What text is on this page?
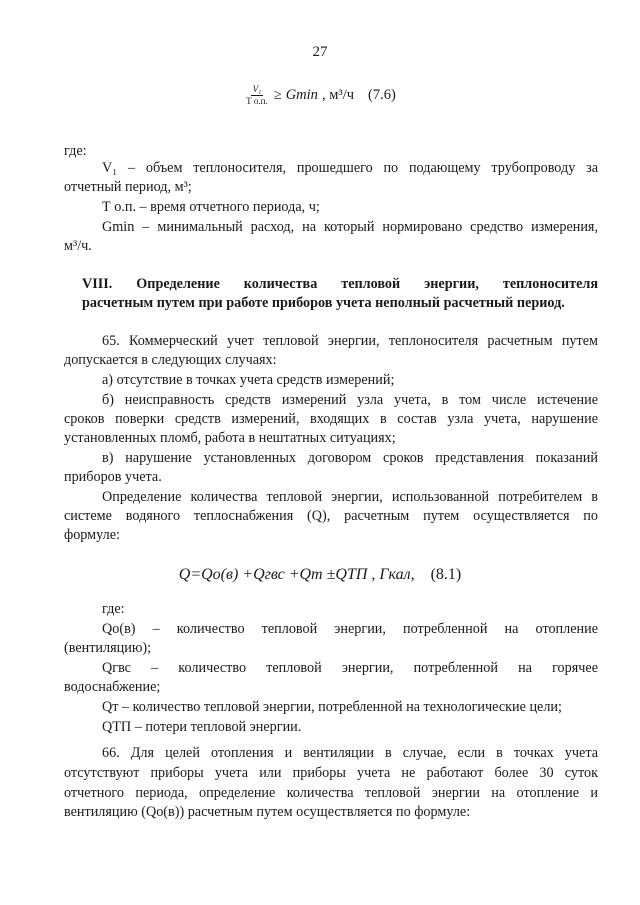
27
$\frac{\text{V₁}}{\text{Т о.п.}} \ge Gmin$ , м³/ч (7.6)
где:
V₁ – объем теплоносителя, прошедшего по подающему трубопроводу за
отчетный период, м³;
Т о.п. – время отчетного периода, ч;
Gmin – минимальный расход, на который нормировано средство измерения,
м³/ч.
VIII. Определение количества тепловой энергии, теплоносителя
расчетным путем при работе приборов учета неполный расчетный период.
65. Коммерческий учет тепловой энергии, теплоносителя расчетным путем
допускается в следующих случаях:
а) отсутствие в точках учета средств измерений;
б) неисправность средств измерений узла учета, в том числе истечение
сроков поверки средств измерений, входящих в состав узла учета, нарушение
установленных пломб, работа в нештатных ситуациях;
в) нарушение установленных договором сроков представления показаний
приборов учета.
Определение количества тепловой энергии, использованной потребителем в
системе водяного теплоснабжения (Q), расчетным путем осуществляется по
формуле:
Q=Qо(в) +Qгвс +Qт ±QТП , Гкал, (8.1)
где:
Qо(в) – количество тепловой энергии, потребленной на отопление
(вентиляцию);
Qгвс – количество тепловой энергии, потребленной на горячее
водоснабжение;
Qт – количество тепловой энергии, потребленной на технологические цели;
QТП – потери тепловой энергии.
66. Для целей отопления и вентиляции в случае, если в точках учета
отсутствуют приборы учета или приборы учета не работают более 30 суток
отчетного периода, определение количества тепловой энергии на отопление и
вентиляцию (Qо(в)) расчетным путем осуществляется по формуле:
